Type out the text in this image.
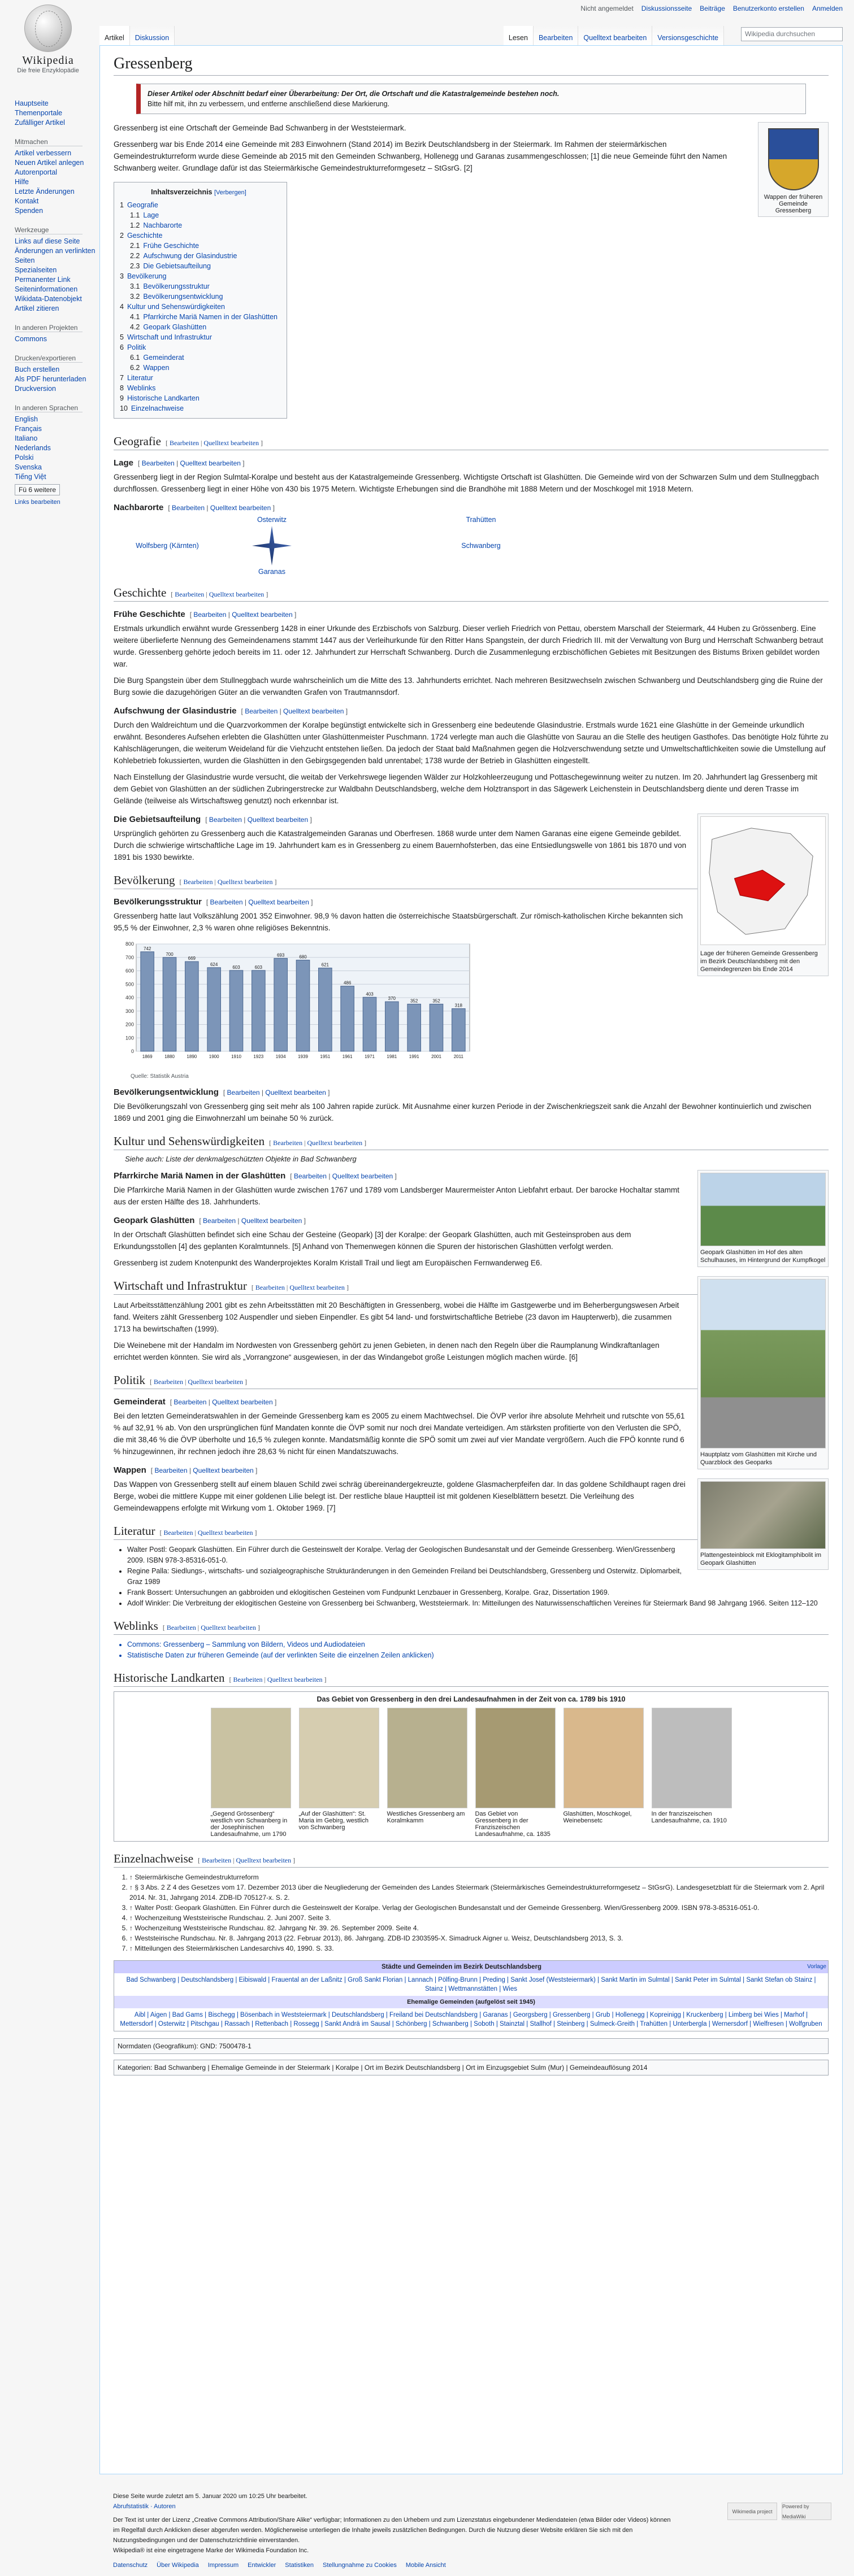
Nicht angemeldet Diskussionsseite Beiträge Benutzerkonto erstellen Anmelden
Wikipedia
Die freie Enzyklopädie
Hauptseite
Themenportale
Zufälliger Artikel
Mitmachen
Artikel verbessern
Neuen Artikel anlegen
Autorenportal
Hilfe
Letzte Änderungen
Kontakt
Spenden
Werkzeuge
Links auf diese Seite
Änderungen an verlinkten Seiten
Spezialseiten
Permanenter Link
Seiteninformationen
Wikidata-Datenobjekt
Artikel zitieren
In anderen Projekten
Commons
Drucken/exportieren
Buch erstellen
Als PDF herunterladen
Druckversion
In anderen Sprachen
English
Français
Italiano
Nederlands
Polski
Svenska
Tiếng Việt
Fü 6 weitere
Links bearbeiten
Artikel	Diskussion	Lesen	Bearbeiten	Quelltext bearbeiten	Versionsgeschichte	Wikipedia durchsuchen
Gressenberg
Dieser Artikel oder Abschnitt bedarf einer Überarbeitung: Der Ort, die Ortschaft und die Katastralgemeinde bestehen noch.
Bitte hilf mit, ihn zu verbessern, und entferne anschließend diese Markierung.
Wappen der früheren Gemeinde Gressenberg

Gressenberg ist eine Ortschaft der Gemeinde Bad Schwanberg in der Weststeiermark.

Gressenberg war bis Ende 2014 eine Gemeinde mit 283 Einwohnern (Stand 2014) im Bezirk Deutschlandsberg in der Steiermark. Im Rahmen der steiermärkischen Gemeindestrukturreform wurde diese Gemeinde ab 2015 mit den Gemeinden Schwanberg, Hollenegg und Garanas zusammengeschlossen; [1] die neue Gemeinde führt den Namen Schwanberg weiter. Grundlage dafür ist das Steiermärkische Gemeindestrukturreformgesetz – StGsrG. [2]

Inhaltsverzeichnis [Verbergen]
1 Geografie
1.1 Lage
1.2 Nachbarorte
2 Geschichte
2.1 Frühe Geschichte
2.2 Aufschwung der Glasindustrie
2.3 Die Gebietsaufteilung
3 Bevölkerung
3.1 Bevölkerungsstruktur
3.2 Bevölkerungsentwicklung
4 Kultur und Sehenswürdigkeiten
4.1 Pfarrkirche Mariä Namen in der Glashütten
4.2 Geopark Glashütten
5 Wirtschaft und Infrastruktur
6 Politik
6.1 Gemeinderat
6.2 Wappen
7 Literatur
8 Weblinks
9 Historische Landkarten
10 Einzelnachweise
Geografie [ Bearbeiten | Quelltext bearbeiten ]
Lage [ Bearbeiten | Quelltext bearbeiten ]

Gressenberg liegt in der Region Sulmtal-Koralpe und besteht aus der Katastralgemeinde Gressenberg. Wichtigste Ortschaft ist Glashütten. Die Gemeinde wird von der Schwarzen Sulm und dem Stullneggbach durchflossen. Gressenberg liegt in einer Höhe von 430 bis 1975 Metern. Wichtigste Erhebungen sind die Brandhöhe mit 1888 Metern und der Moschkogel mit 1918 Metern.

Nachbarorte [ Bearbeiten | Quelltext bearbeiten ]
Osterwitz	Trahütten
Wolfsberg (Kärnten)	Schwanberg
Garanas
Geschichte [ Bearbeiten | Quelltext bearbeiten ]
Frühe Geschichte [ Bearbeiten | Quelltext bearbeiten ]

Erstmals urkundlich erwähnt wurde Gressenberg 1428 in einer Urkunde des Erzbischofs von Salzburg. Dieser verlieh Friedrich von Pettau, oberstem Marschall der Steiermark, 44 Huben zu Grössenberg. Eine weitere überlieferte Nennung des Gemeindenamens stammt 1447 aus der Verleihurkunde für den Ritter Hans Spangstein, der durch Friedrich III. mit der Verwaltung von Burg und Herrschaft Schwanberg betraut wurde. Gressenberg gehörte jedoch bereits im 11. oder 12. Jahrhundert zur Herrschaft Schwanberg. Durch die Zusammenlegung erzbischöflichen Gebietes mit Besitzungen des Bistums Brixen gebildet worden war.

Die Burg Spangstein über dem Stullneggbach wurde wahrscheinlich um die Mitte des 13. Jahrhunderts errichtet. Nach mehreren Besitzwechseln zwischen Schwanberg und Deutschlandsberg ging die Ruine der Burg sowie die dazugehörigen Güter an die verwandten Grafen von Trautmannsdorf.

Aufschwung der Glasindustrie [ Bearbeiten | Quelltext bearbeiten ]

Durch den Waldreichtum und die Quarzvorkommen der Koralpe begünstigt entwickelte sich in Gressenberg eine bedeutende Glasindustrie. Erstmals wurde 1621 eine Glashütte in der Gemeinde urkundlich erwähnt. Besonderes Aufsehen erlebten die Glashütten unter Glashüttenmeister Puschmann. 1724 verlegte man auch die Glashütte von Saurau an die Stelle des heutigen Gasthofes. Das benötigte Holz führte zu Kahlschlägerungen, die weiterum Weideland für die Viehzucht entstehen ließen. Da jedoch der Staat bald Maßnahmen gegen die Holzverschwendung setzte und Umweltschaftlichkeiten sowie die Umstellung auf Kohlebetrieb fokussierten, wurden die Glashütten in den Gebirgsgegenden bald unrentabel; 1738 wurde der Betrieb in Glashütten eingestellt.

Nach Einstellung der Glasindustrie wurde versucht, die weitab der Verkehrswege liegenden Wälder zur Holzkohleerzeugung und Pottaschegewinnung weiter zu nutzen. Im 20. Jahrhundert lag Gressenberg mit dem Gebiet von Glashütten an der südlichen Zubringerstrecke zur Waldbahn Deutschlandsberg, welche dem Holztransport in das Sägewerk Leichenstein in Deutschlandsberg diente und deren Trasse im Gelände (teilweise als Wirtschaftsweg genutzt) noch erkennbar ist.

Lage der früheren Gemeinde Gressenberg im Bezirk Deutschlandsberg mit den Gemeindegrenzen bis Ende 2014
Die Gebietsaufteilung [ Bearbeiten | Quelltext bearbeiten ]

Ursprünglich gehörten zu Gressenberg auch die Katastralgemeinden Garanas und Oberfresen. 1868 wurde unter dem Namen Garanas eine eigene Gemeinde gebildet. Durch die schwierige wirtschaftliche Lage im 19. Jahrhundert kam es in Gressenberg zu einem Bauernhofsterben, das eine Entsiedlungswelle von 1861 bis 1870 und von 1891 bis 1930 bewirkte.

Bevölkerung [ Bearbeiten | Quelltext bearbeiten ]
Bevölkerungsstruktur [ Bearbeiten | Quelltext bearbeiten ]

Gressenberg hatte laut Volkszählung 2001 352 Einwohner. 98,9 % davon hatten die österreichische Staatsbürgerschaft. Zur römisch-katholischen Kirche bekannten sich 95,5 % der Einwohner, 2,3 % waren ohne religiöses Bekenntnis.

0
100
200
300
400
500
600
700
800
742
1869
700
1880
669
1890
624
1900
603
1910
603
1923
693
1934
680
1939
621
1951
486
1961
403
1971
370
1981
352
1991
352
2001
318
2011
Quelle: Statistik Austria
Bevölkerungsentwicklung [ Bearbeiten | Quelltext bearbeiten ]

Die Bevölkerungszahl von Gressenberg ging seit mehr als 100 Jahren rapide zurück. Mit Ausnahme einer kurzen Periode in der Zwischenkriegszeit sank die Anzahl der Bewohner kontinuierlich und zwischen 1869 und 2001 ging die Einwohnerzahl um beinahe 50 % zurück.

Kultur und Sehenswürdigkeiten [ Bearbeiten | Quelltext bearbeiten ]
Siehe auch: Liste der denkmalgeschützten Objekte in Bad Schwanberg
Geopark Glashütten im Hof des alten Schulhauses, im Hintergrund der Kumpfkogel
Pfarrkirche Mariä Namen in der Glashütten [ Bearbeiten | Quelltext bearbeiten ]

Die Pfarrkirche Mariä Namen in der Glashütten wurde zwischen 1767 und 1789 vom Landsberger Maurermeister Anton Liebfahrt erbaut. Der barocke Hochaltar stammt aus der ersten Hälfte des 18. Jahrhunderts.

Geopark Glashütten [ Bearbeiten | Quelltext bearbeiten ]

In der Ortschaft Glashütten befindet sich eine Schau der Gesteine (Geopark) [3] der Koralpe: der Geopark Glashütten, auch mit Gesteinsproben aus dem Erkundungsstollen [4] des geplanten Koralmtunnels. [5] Anhand von Themenwegen können die Spuren der historischen Glashütten verfolgt werden.

Gressenberg ist zudem Knotenpunkt des Wanderprojektes Koralm Kristall Trail und liegt am Europäischen Fernwanderweg E6.

Hauptplatz vom Glashütten mit Kirche und Quarzblock des Geoparks
Wirtschaft und Infrastruktur [ Bearbeiten | Quelltext bearbeiten ]

Laut Arbeitsstättenzählung 2001 gibt es zehn Arbeitsstätten mit 20 Beschäftigten in Gressenberg, wobei die Hälfte im Gastgewerbe und im Beherbergungswesen Arbeit fand. Weiters zählt Gressenberg 102 Auspendler und sieben Einpendler. Es gibt 54 land- und forstwirtschaftliche Betriebe (23 davon im Haupterwerb), die zusammen 1713 ha bewirtschaften (1999).

Die Weinebene mit der Handalm im Nordwesten von Gressenberg gehört zu jenen Gebieten, in denen nach den Regeln über die Raumplanung Windkraftanlagen errichtet werden könnten. Sie wird als „Vorrangzone“ ausgewiesen, in der das Windangebot große Leistungen möglich machen würde. [6]

Politik [ Bearbeiten | Quelltext bearbeiten ]
Gemeinderat [ Bearbeiten | Quelltext bearbeiten ]

Bei den letzten Gemeinderatswahlen in der Gemeinde Gressenberg kam es 2005 zu einem Machtwechsel. Die ÖVP verlor ihre absolute Mehrheit und rutschte von 55,61 % auf 32,91 % ab. Von den ursprünglichen fünf Mandaten konnte die ÖVP somit nur noch drei Mandate verteidigen. Am stärksten profitierte von den Verlusten die SPÖ, die mit 38,46 % die ÖVP überholte und 16,5 % zulegen konnte. Mandatsmäßig konnte die SPÖ somit um zwei auf vier Mandate vergrößern. Auch die FPÖ konnte rund 6 % hinzugewinnen, ihr rechnen jedoch ihre 28,63 % nicht für einen Mandatszuwachs.

Plattengesteinblock mit Eklogitamphibolit im Geopark Glashütten
Wappen [ Bearbeiten | Quelltext bearbeiten ]

Das Wappen von Gressenberg stellt auf einem blauen Schild zwei schräg übereinandergekreuzte, goldene Glasmacherpfeifen dar. In das goldene Schildhaupt ragen drei Berge, wobei die mittlere Kuppe mit einer goldenen Lilie belegt ist. Der restliche blaue Hauptteil ist mit goldenen Kieselblättern besetzt. Die Verleihung des Gemeindewappens erfolgte mit Wirkung vom 1. Oktober 1969. [7]

Literatur [ Bearbeiten | Quelltext bearbeiten ]
• Walter Postl: Geopark Glashütten. Ein Führer durch die Gesteinswelt der Koralpe. Verlag der Geologischen Bundesanstalt und der Gemeinde Gressenberg. Wien/Gressenberg 2009. ISBN 978-3-85316-051-0.
• Regine Palla: Siedlungs-, wirtschafts- und sozialgeographische Strukturänderungen in den Gemeinden Freiland bei Deutschlandsberg, Gressenberg und Osterwitz. Diplomarbeit, Graz 1989
• Frank Bossert: Untersuchungen an gabbroiden und eklogitischen Gesteinen vom Fundpunkt Lenzbauer in Gressenberg, Koralpe. Graz, Dissertation 1969.
• Adolf Winkler: Die Verbreitung der eklogitischen Gesteine von Gressenberg bei Schwanberg, Weststeiermark. In: Mitteilungen des Naturwissenschaftlichen Vereines für Steiermark Band 98 Jahrgang 1966. Seiten 112–120
Weblinks [ Bearbeiten | Quelltext bearbeiten ]
• Commons: Gressenberg – Sammlung von Bildern, Videos und Audiodateien
• Statistische Daten zur früheren Gemeinde (auf der verlinkten Seite die einzelnen Zeilen anklicken)
Historische Landkarten [ Bearbeiten | Quelltext bearbeiten ]
Das Gebiet von Gressenberg in den drei Landesaufnahmen in der Zeit von ca. 1789 bis 1910
„Gegend Grössenberg“ westlich von Schwanberg in der Josephinischen Landesaufnahme, um 1790
„Auf der Glashütten“: St. Maria im Gebirg, westlich von Schwanberg
Westliches Gressenberg am Koralmkamm
Das Gebiet von Gressenberg in der Franziszeischen Landesaufnahme, ca. 1835
Glashütten, Moschkogel, Weinebensetc
In der franziszeischen Landesaufnahme, ca. 1910
Einzelnachweise [ Bearbeiten | Quelltext bearbeiten ]
1. ↑ Steiermärkische Gemeindestrukturreform
2. ↑ § 3 Abs. 2 Z 4 des Gesetzes vom 17. Dezember 2013 über die Neugliederung der Gemeinden des Landes Steiermark (Steiermärkisches Gemeindestrukturreformgesetz – StGsrG). Landesgesetzblatt für die Steiermark vom 2. April 2014. Nr. 31, Jahrgang 2014. ZDB-ID 705127-x. S. 2.
3. ↑ Walter Postl: Geopark Glashütten. Ein Führer durch die Gesteinswelt der Koralpe. Verlag der Geologischen Bundesanstalt und der Gemeinde Gressenberg. Wien/Gressenberg 2009. ISBN 978-3-85316-051-0.
4. ↑ Wochenzeitung Weststeirische Rundschau. 2. Juni 2007. Seite 3.
5. ↑ Wochenzeitung Weststeirische Rundschau. 82. Jahrgang Nr. 39. 26. September 2009. Seite 4.
6. ↑ Weststeirische Rundschau. Nr. 8. Jahrgang 2013 (22. Februar 2013), 86. Jahrgang. ZDB-ID 2303595-X. Simadruck Aigner u. Weisz, Deutschlandsberg 2013, S. 3.
7. ↑ Mitteilungen des Steiermärkischen Landesarchivs 40, 1990. S. 33.
Städte und Gemeinden im Bezirk Deutschlandsberg	Vorlage
Bad Schwanberg | Deutschlandsberg | Eibiswald | Frauental an der Laßnitz | Groß Sankt Florian | Lannach | Pölfing-Brunn | Preding | Sankt Josef (Weststeiermark) | Sankt Martin im Sulmtal | Sankt Peter im Sulmtal | Sankt Stefan ob Stainz | Stainz | Wettmannstätten | Wies
Ehemalige Gemeinden (aufgelöst seit 1945)
Aibl | Aigen | Bad Gams | Bischegg | Bösenbach in Weststeiermark | Deutschlandsberg | Freiland bei Deutschlandsberg | Garanas | Georgsberg | Gressenberg | Grub | Hollenegg | Kopreinigg | Kruckenberg | Limberg bei Wies | Marhof | Mettersdorf | Osterwitz | Pitschgau | Rassach | Rettenbach | Rossegg | Sankt Andrä im Sausal | Schönberg | Schwanberg | Soboth | Stainztal | Stallhof | Steinberg | Sulmeck-Greith | Trahütten | Unterbergla | Wernersdorf | Wielfresen | Wolfgruben
Normdaten (Geografikum): GND: 7500478-1
Kategorien: Bad Schwanberg | Ehemalige Gemeinde in der Steiermark | Koralpe | Ort im Bezirk Deutschlandsberg | Ort im Einzugsgebiet Sulm (Mur) | Gemeindeauflösung 2014
Diese Seite wurde zuletzt am 5. Januar 2020 um 10:25 Uhr bearbeitet.
Abrufstatistik · Autoren
Der Text ist unter der Lizenz „Creative Commons Attribution/Share Alike“ verfügbar; Informationen zu den Urhebern und zum Lizenzstatus eingebundener Mediendateien (etwa Bilder oder Videos) können im Regelfall durch Anklicken dieser abgerufen werden. Möglicherweise unterliegen die Inhalte jeweils zusätzlichen Bedingungen. Durch die Nutzung dieser Website erklären Sie sich mit den Nutzungsbedingungen und der Datenschutzrichtlinie einverstanden.
Wikipedia® ist eine eingetragene Marke der Wikimedia Foundation Inc.
Datenschutz Über Wikipedia Impressum Entwickler Statistiken Stellungnahme zu Cookies Mobile Ansicht
Wikimedia project
Powered by MediaWiki
